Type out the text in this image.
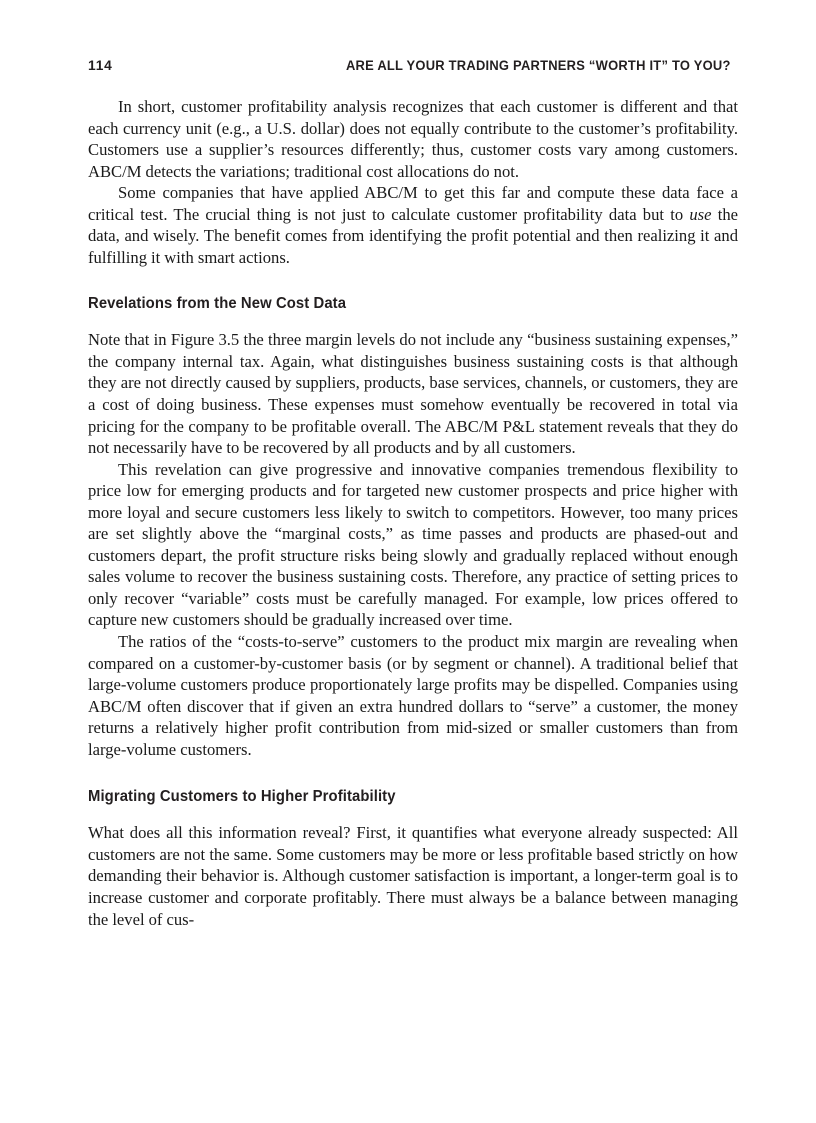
114	ARE ALL YOUR TRADING PARTNERS “WORTH IT” TO YOU?

In short, customer profitability analysis recognizes that each customer is different and that each currency unit (e.g., a U.S. dollar) does not equally contribute to the customer’s profitability. Customers use a supplier’s resources differently; thus, customer costs vary among customers. ABC/M detects the variations; traditional cost allocations do not.

Some companies that have applied ABC/M to get this far and compute these data face a critical test. The crucial thing is not just to calculate customer profitability data but to use the data, and wisely. The benefit comes from identifying the profit potential and then realizing it and fulfilling it with smart actions.

Revelations from the New Cost Data

Note that in Figure 3.5 the three margin levels do not include any “business sustaining expenses,” the company internal tax. Again, what distinguishes business sustaining costs is that although they are not directly caused by suppliers, products, base services, channels, or customers, they are a cost of doing business. These expenses must somehow eventually be recovered in total via pricing for the company to be profitable overall. The ABC/M P&L statement reveals that they do not necessarily have to be recovered by all products and by all customers.

This revelation can give progressive and innovative companies tremendous flexibility to price low for emerging products and for targeted new customer prospects and price higher with more loyal and secure customers less likely to switch to competitors. However, too many prices are set slightly above the “marginal costs,” as time passes and products are phased-out and customers depart, the profit structure risks being slowly and gradually replaced without enough sales volume to recover the business sustaining costs. Therefore, any practice of setting prices to only recover “variable” costs must be carefully managed. For example, low prices offered to capture new customers should be gradually increased over time.

The ratios of the “costs-to-serve” customers to the product mix margin are revealing when compared on a customer-by-customer basis (or by segment or channel). A traditional belief that large-volume customers produce proportionately large profits may be dispelled. Companies using ABC/M often discover that if given an extra hundred dollars to “serve” a customer, the money returns a relatively higher profit contribution from mid-sized or smaller customers than from large-volume customers.

Migrating Customers to Higher Profitability

What does all this information reveal? First, it quantifies what everyone already suspected: All customers are not the same. Some customers may be more or less profitable based strictly on how demanding their behavior is. Although customer satisfaction is important, a longer-term goal is to increase customer and corporate profitably. There must always be a balance between managing the level of cus-
